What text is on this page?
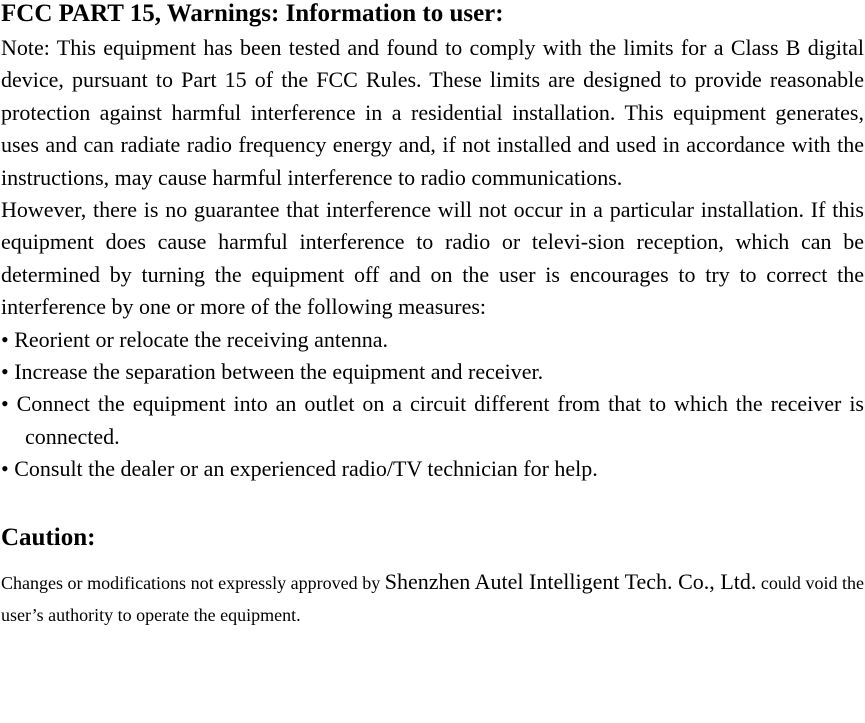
FCC PART 15, Warnings: Information to user:

Note: This equipment has been tested and found to comply with the limits for a Class B digital device, pursuant to Part 15 of the FCC Rules. These limits are designed to provide reasonable protection against harmful interference in a residential installation. This equipment generates, uses and can radiate radio frequency energy and, if not installed and used in accordance with the instructions, may cause harmful interference to radio communications.

However, there is no guarantee that interference will not occur in a particular installation. If this equipment does cause harmful interference to radio or televi-sion reception, which can be determined by turning the equipment off and on the user is encourages to try to correct the interference by one or more of the following measures:

• Reorient or relocate the receiving antenna.

• Increase the separation between the equipment and receiver.

• Connect the equipment into an outlet on a circuit different from that to which the receiver is connected.

• Consult the dealer or an experienced radio/TV technician for help.

Caution:

Changes or modifications not expressly approved by Shenzhen Autel Intelligent Tech. Co., Ltd. could void the user’s authority to operate the equipment.
